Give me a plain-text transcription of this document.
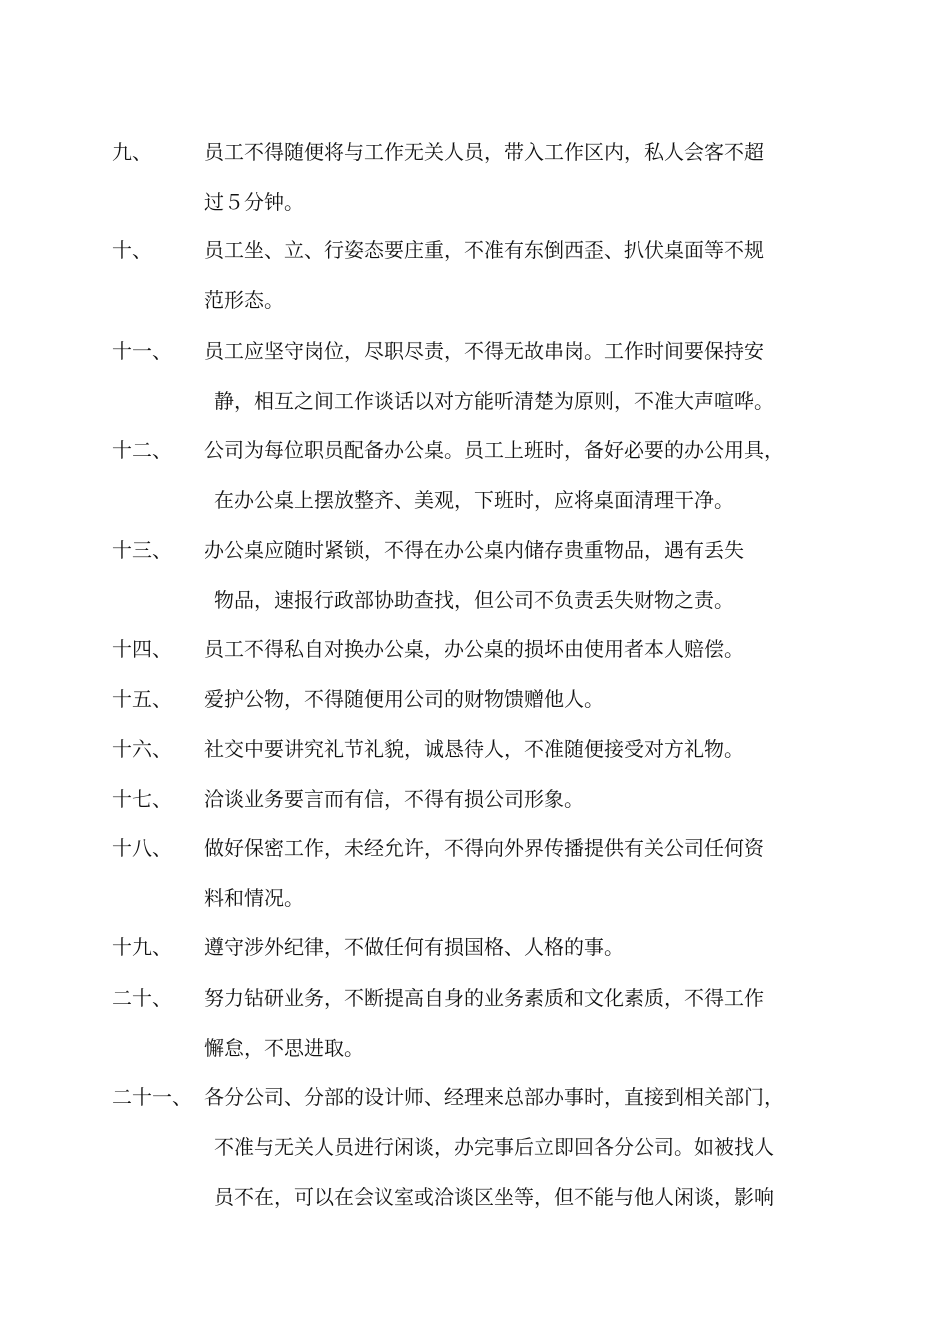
九、	员工不得随便将与工作无关人员，带入工作区内，私人会客不超
过５分钟。
十、	员工坐、立、行姿态要庄重，不准有东倒西歪、扒伏桌面等不规
范形态。
十一、 员工应坚守岗位，尽职尽责，不得无故串岗。工作时间要保持安
静，相互之间工作谈话以对方能听清楚为原则，不准大声喧哗。
十二、 公司为每位职员配备办公桌。员工上班时，备好必要的办公用具，
在办公桌上摆放整齐、美观，下班时，应将桌面清理干净。
十三、 办公桌应随时紧锁，不得在办公桌内储存贵重物品，遇有丢失
物品，速报行政部协助查找，但公司不负责丢失财物之责。
十四、 员工不得私自对换办公桌，办公桌的损坏由使用者本人赔偿。
十五、 爱护公物，不得随便用公司的财物馈赠他人。
十六、 社交中要讲究礼节礼貌，诚恳待人，不准随便接受对方礼物。
十七、 洽谈业务要言而有信，不得有损公司形象。
十八、 做好保密工作，未经允许，不得向外界传播提供有关公司任何资
料和情况。
十九、 遵守涉外纪律，不做任何有损国格、人格的事。
二十、 努力钻研业务，不断提高自身的业务素质和文化素质，不得工作
懈怠，不思进取。
二十一、 各分公司、分部的设计师、经理来总部办事时，直接到相关部门，
不准与无关人员进行闲谈，办完事后立即回各分公司。如被找人
员不在，可以在会议室或洽谈区坐等，但不能与他人闲谈，影响
